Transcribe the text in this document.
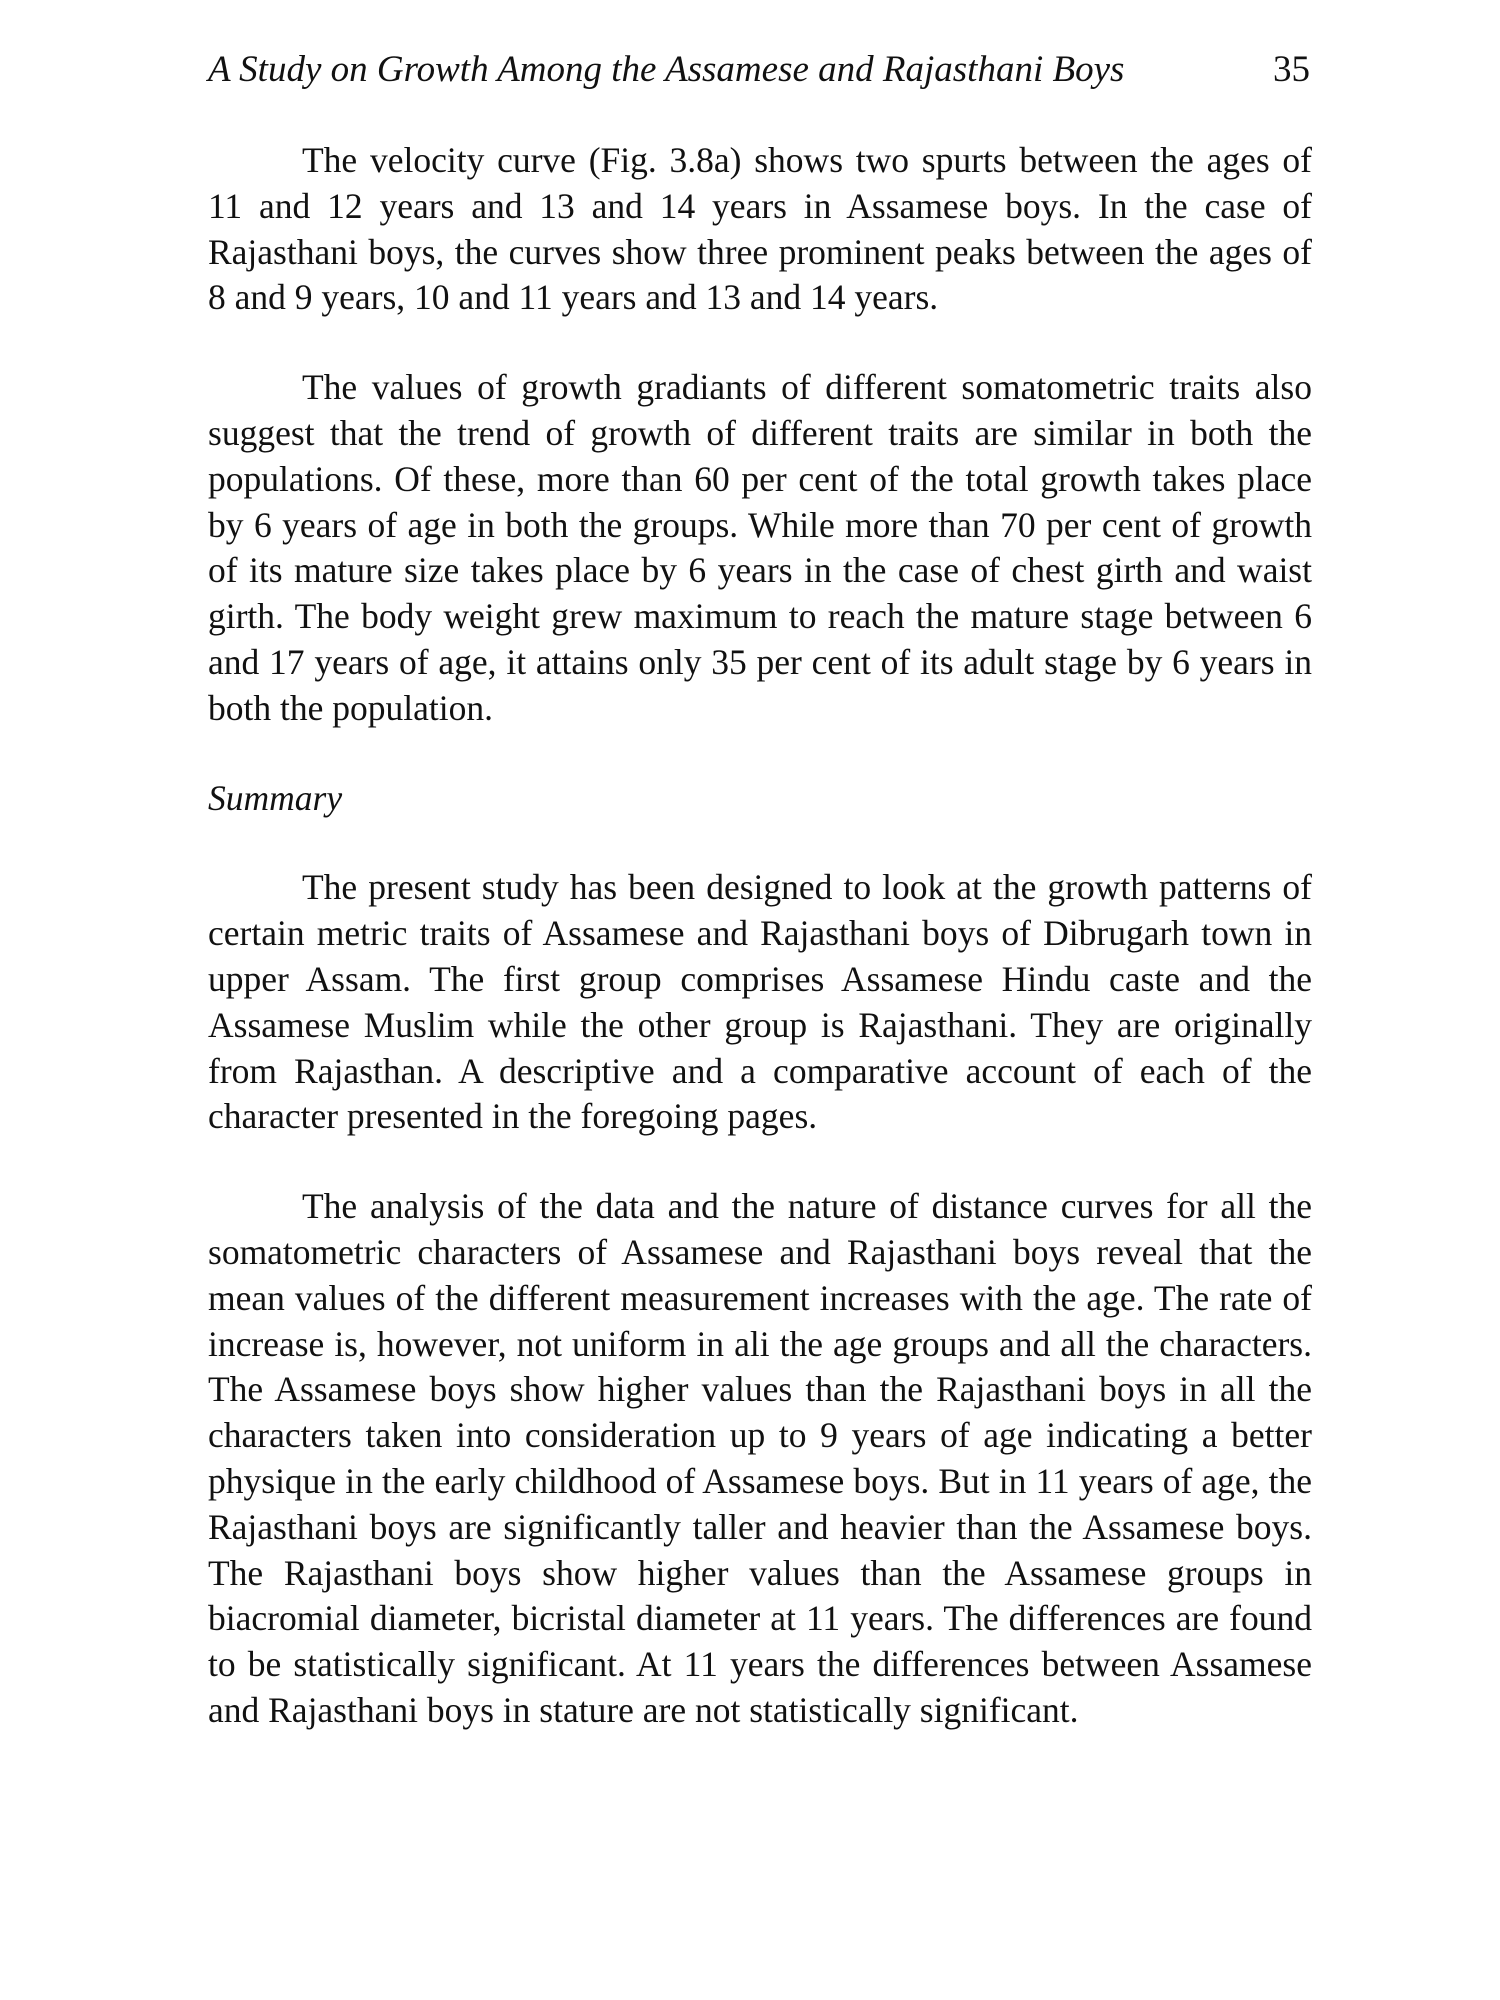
A Study on Growth Among the Assamese and Rajasthani Boys	35

The velocity curve (Fig. 3.8a) shows two spurts between the ages of 11 and 12 years and 13 and 14 years in Assamese boys. In the case of Rajasthani boys, the curves show three prominent peaks between the ages of 8 and 9 years, 10 and 11 years and 13 and 14 years.

The values of growth gradiants of different somatometric traits also suggest that the trend of growth of different traits are similar in both the populations. Of these, more than 60 per cent of the total growth takes place by 6 years of age in both the groups. While more than 70 per cent of growth of its mature size takes place by 6 years in the case of chest girth and waist girth. The body weight grew maximum to reach the mature stage between 6 and 17 years of age, it attains only 35 per cent of its adult stage by 6 years in both the population.

Summary

The present study has been designed to look at the growth patterns of certain metric traits of Assamese and Rajasthani boys of Dibrugarh town in upper Assam. The first group comprises Assamese Hindu caste and the Assamese Muslim while the other group is Rajasthani. They are originally from Rajasthan. A descriptive and a comparative account of each of the character presented in the foregoing pages.

The analysis of the data and the nature of distance curves for all the somatometric characters of Assamese and Rajasthani boys reveal that the mean values of the different measurement increases with the age. The rate of increase is, however, not uniform in ali the age groups and all the characters. The Assamese boys show higher values than the Rajasthani boys in all the characters taken into consideration up to 9 years of age indicating a better physique in the early childhood of Assamese boys. But in 11 years of age, the Rajasthani boys are significantly taller and heavier than the Assamese boys. The Rajasthani boys show higher values than the Assamese groups in biacromial diameter, bicristal diameter at 11 years. The differences are found to be statistically significant. At 11 years the differences between Assamese and Rajasthani boys in stature are not statistically significant.
